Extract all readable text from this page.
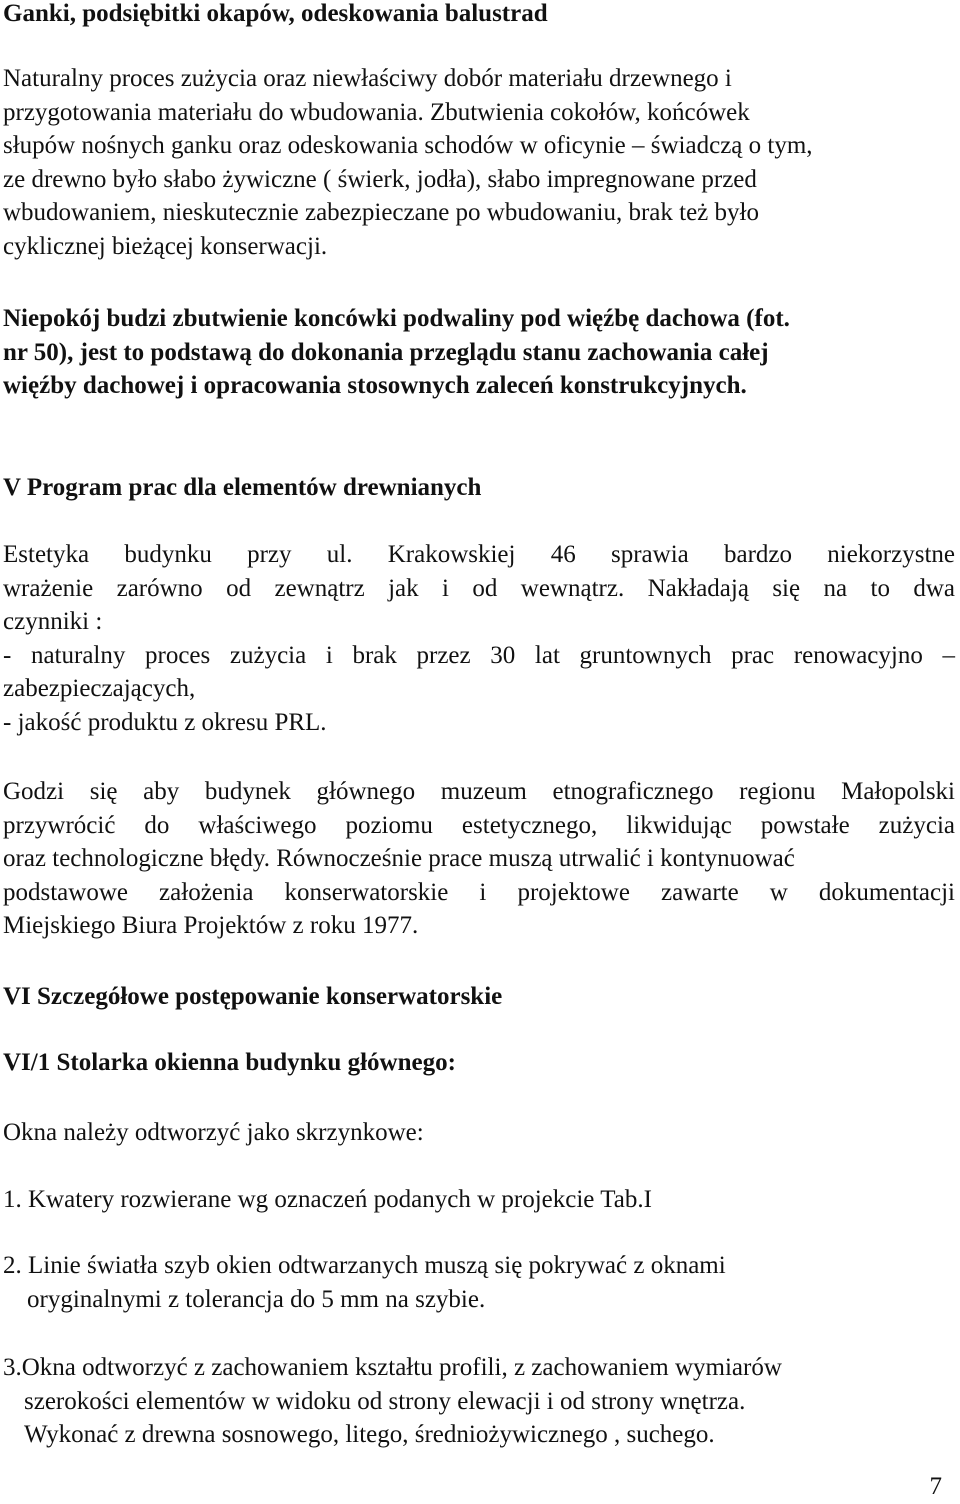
Ganki, podsiębitki okapów, odeskowania balustrad
Naturalny proces zużycia oraz niewłaściwy dobór materiału drzewnego i
przygotowania materiału do wbudowania. Zbutwienia cokołów, końcówek
słupów nośnych ganku oraz odeskowania schodów w oficynie – świadczą o tym,
ze drewno było słabo żywiczne ( świerk, jodła), słabo impregnowane przed
wbudowaniem, nieskutecznie zabezpieczane po wbudowaniu, brak też było
cyklicznej bieżącej konserwacji.
Niepokój budzi zbutwienie koncówki podwaliny pod więźbę dachowa (fot.
nr 50), jest to podstawą do dokonania przeglądu stanu zachowania całej
więźby dachowej i opracowania stosownych zaleceń konstrukcyjnych.
V Program prac dla elementów drewnianych
Estetyka budynku przy ul. Krakowskiej 46 sprawia bardzo niekorzystne
wrażenie zarówno od zewnątrz jak i od wewnątrz. Nakładają się na to dwa
czynniki :
- naturalny proces zużycia i brak przez 30 lat gruntownych prac renowacyjno –
zabezpieczających,
- jakość produktu z okresu PRL.
Godzi się aby budynek głównego muzeum etnograficznego regionu Małopolski
przywrócić do właściwego poziomu estetycznego, likwidując powstałe zużycia
oraz technologiczne błędy. Równocześnie prace muszą utrwalić i kontynuować
podstawowe założenia konserwatorskie i projektowe zawarte w dokumentacji
Miejskiego Biura Projektów z roku 1977.
VI Szczegółowe postępowanie konserwatorskie
VI/1 Stolarka okienna budynku głównego:
Okna należy odtworzyć jako skrzynkowe:
1. Kwatery rozwierane wg oznaczeń podanych w projekcie Tab.I
2. Linie światła szyb okien odtwarzanych muszą się pokrywać z oknami
oryginalnymi z tolerancja do 5 mm na szybie.
3.Okna odtworzyć z zachowaniem kształtu profili, z zachowaniem wymiarów
szerokości elementów w widoku od strony elewacji i od strony wnętrza.
Wykonać z drewna sosnowego, litego, średniożywicznego , suchego.
7
